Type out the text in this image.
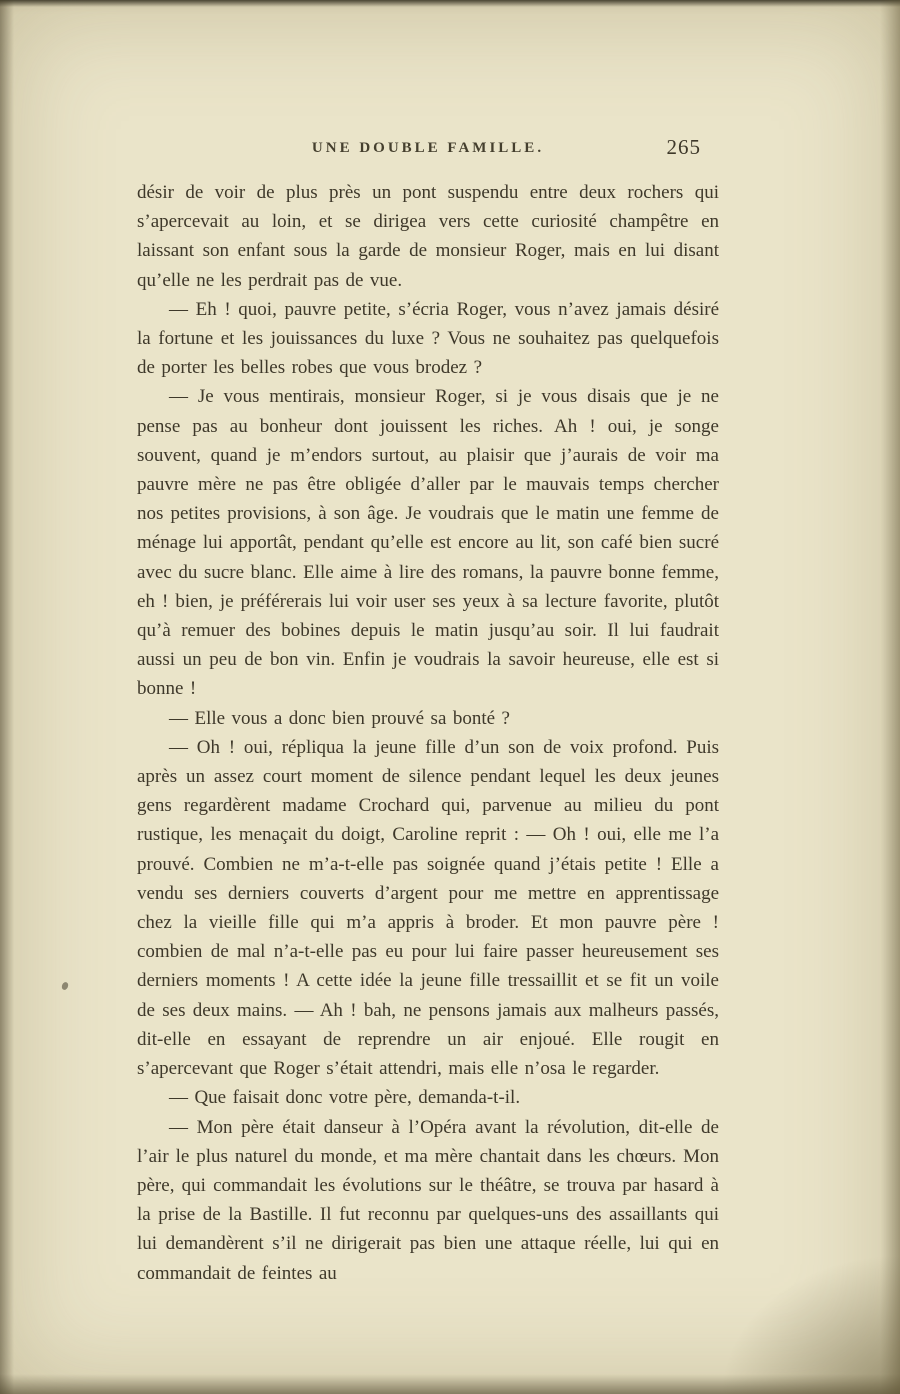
UNE DOUBLE FAMILLE.	265

désir de voir de plus près un pont suspendu entre deux rochers qui s’apercevait au loin, et se dirigea vers cette curiosité champêtre en laissant son enfant sous la garde de monsieur Roger, mais en lui disant qu’elle ne les perdrait pas de vue.

— Eh ! quoi, pauvre petite, s’écria Roger, vous n’avez jamais désiré la fortune et les jouissances du luxe ? Vous ne souhaitez pas quelquefois de porter les belles robes que vous brodez ?

— Je vous mentirais, monsieur Roger, si je vous disais que je ne pense pas au bonheur dont jouissent les riches. Ah ! oui, je songe souvent, quand je m’endors surtout, au plaisir que j’aurais de voir ma pauvre mère ne pas être obligée d’aller par le mauvais temps chercher nos petites provisions, à son âge. Je voudrais que le matin une femme de ménage lui apportât, pendant qu’elle est encore au lit, son café bien sucré avec du sucre blanc. Elle aime à lire des romans, la pauvre bonne femme, eh ! bien, je préférerais lui voir user ses yeux à sa lecture favorite, plutôt qu’à remuer des bobines depuis le matin jusqu’au soir. Il lui faudrait aussi un peu de bon vin. Enfin je voudrais la savoir heureuse, elle est si bonne !

— Elle vous a donc bien prouvé sa bonté ?

— Oh ! oui, répliqua la jeune fille d’un son de voix profond. Puis après un assez court moment de silence pendant lequel les deux jeunes gens regardèrent madame Crochard qui, parvenue au milieu du pont rustique, les menaçait du doigt, Caroline reprit : — Oh ! oui, elle me l’a prouvé. Combien ne m’a-t-elle pas soignée quand j’étais petite ! Elle a vendu ses derniers couverts d’argent pour me mettre en apprentissage chez la vieille fille qui m’a appris à broder. Et mon pauvre père ! combien de mal n’a-t-elle pas eu pour lui faire passer heureusement ses derniers moments ! A cette idée la jeune fille tressaillit et se fit un voile de ses deux mains. — Ah ! bah, ne pensons jamais aux malheurs passés, dit-elle en essayant de reprendre un air enjoué. Elle rougit en s’apercevant que Roger s’était attendri, mais elle n’osa le regarder.

— Que faisait donc votre père, demanda-t-il.

— Mon père était danseur à l’Opéra avant la révolution, dit-elle de l’air le plus naturel du monde, et ma mère chantait dans les chœurs. Mon père, qui commandait les évolutions sur le théâtre, se trouva par hasard à la prise de la Bastille. Il fut reconnu par quelques-uns des assaillants qui lui demandèrent s’il ne dirigerait pas bien une attaque réelle, lui qui en commandait de feintes au
